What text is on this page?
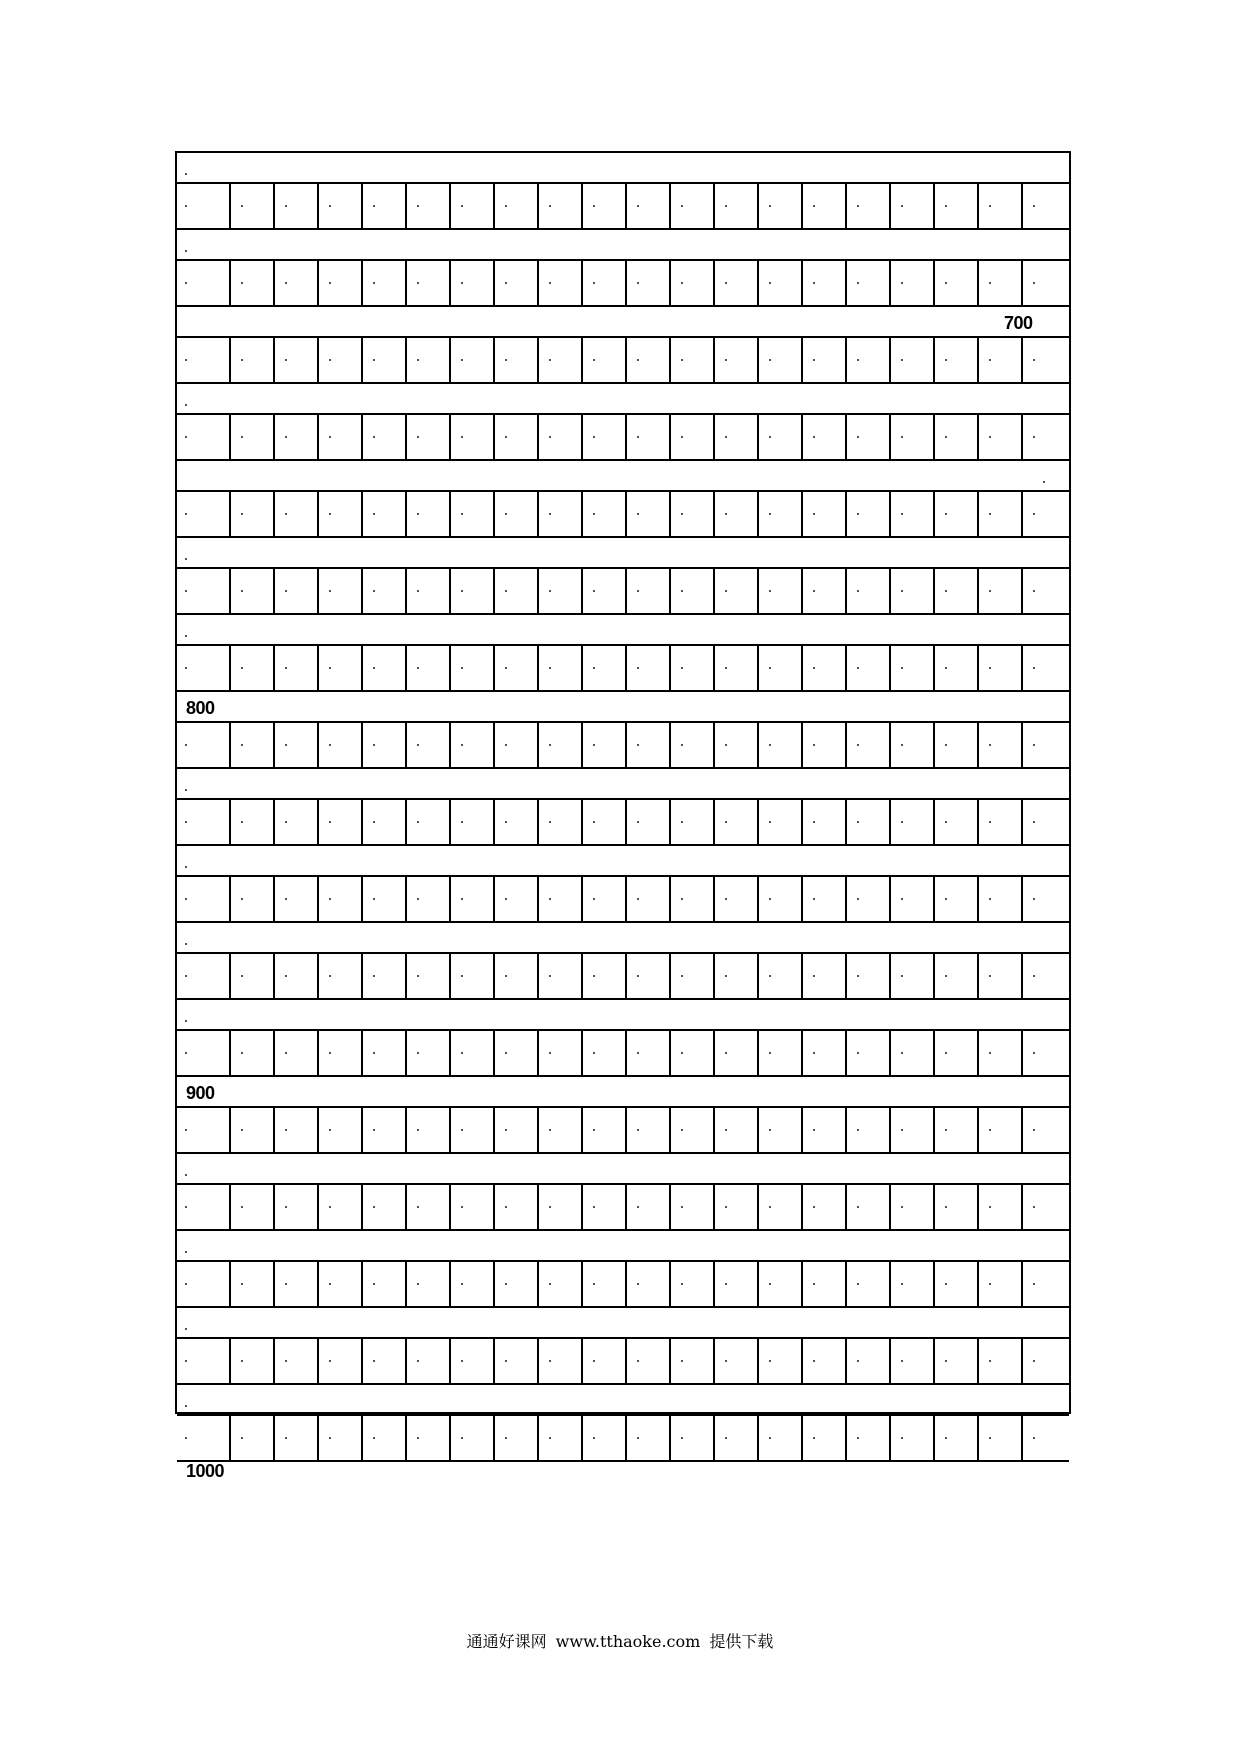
700
800
900
1000
通通好课网 www.tthaoke.com 提供下载
